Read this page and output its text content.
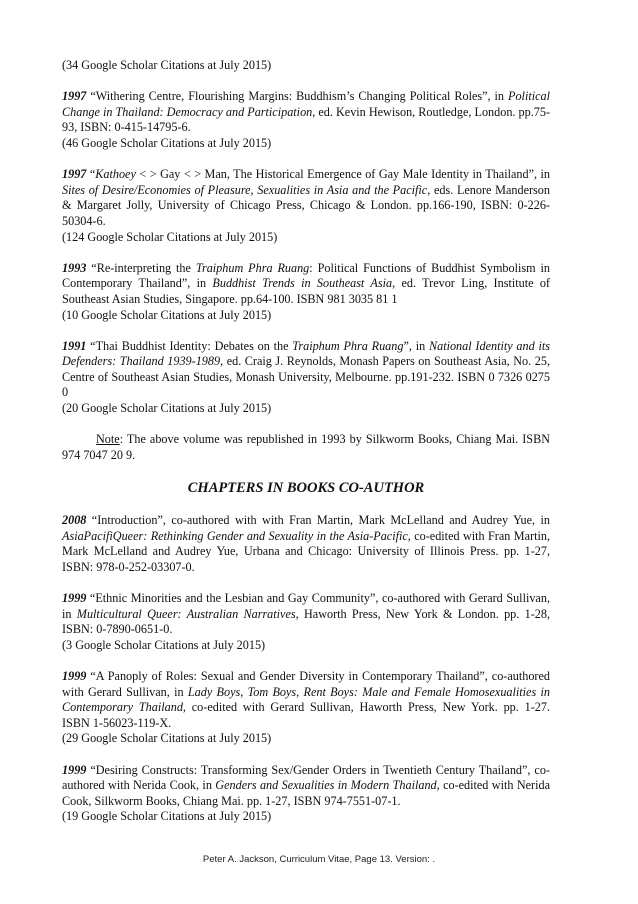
(34 Google Scholar Citations at July 2015)

1997 “Withering Centre, Flourishing Margins: Buddhism’s Changing Political Roles”, in Political Change in Thailand: Democracy and Participation, ed. Kevin Hewison, Routledge, London. pp.75-93, ISBN: 0-415-14795-6.

(46 Google Scholar Citations at July 2015)

1997 “Kathoey < > Gay < > Man, The Historical Emergence of Gay Male Identity in Thailand”, in Sites of Desire/Economies of Pleasure, Sexualities in Asia and the Pacific, eds. Lenore Manderson & Margaret Jolly, University of Chicago Press, Chicago & London. pp.166-190, ISBN: 0-226-50304-6.

(124 Google Scholar Citations at July 2015)

1993 “Re-interpreting the Traiphum Phra Ruang: Political Functions of Buddhist Symbolism in Contemporary Thailand”, in Buddhist Trends in Southeast Asia, ed. Trevor Ling, Institute of Southeast Asian Studies, Singapore. pp.64-100. ISBN 981 3035 81 1

(10 Google Scholar Citations at July 2015)

1991 “Thai Buddhist Identity: Debates on the Traiphum Phra Ruang”, in National Identity and its Defenders: Thailand 1939-1989, ed. Craig J. Reynolds, Monash Papers on Southeast Asia, No. 25, Centre of Southeast Asian Studies, Monash University, Melbourne. pp.191-232. ISBN 0 7326 0275 0

(20 Google Scholar Citations at July 2015)

Note: The above volume was republished in 1993 by Silkworm Books, Chiang Mai. ISBN 974 7047 20 9.

CHAPTERS IN BOOKS CO-AUTHOR

2008 “Introduction”, co-authored with with Fran Martin, Mark McLelland and Audrey Yue, in AsiaPacifiQueer: Rethinking Gender and Sexuality in the Asia-Pacific, co-edited with Fran Martin, Mark McLelland and Audrey Yue, Urbana and Chicago: University of Illinois Press. pp. 1-27, ISBN: 978-0-252-03307-0.

1999 “Ethnic Minorities and the Lesbian and Gay Community”, co-authored with Gerard Sullivan, in Multicultural Queer: Australian Narratives, Haworth Press, New York & London. pp. 1-28, ISBN: 0-7890-0651-0.

(3 Google Scholar Citations at July 2015)

1999 “A Panoply of Roles: Sexual and Gender Diversity in Contemporary Thailand”, co-authored with Gerard Sullivan, in Lady Boys, Tom Boys, Rent Boys: Male and Female Homosexualities in Contemporary Thailand, co-edited with Gerard Sullivan, Haworth Press, New York. pp. 1-27. ISBN 1-56023-119-X.

(29 Google Scholar Citations at July 2015)

1999 “Desiring Constructs: Transforming Sex/Gender Orders in Twentieth Century Thailand”, co-authored with Nerida Cook, in Genders and Sexualities in Modern Thailand, co-edited with Nerida Cook, Silkworm Books, Chiang Mai. pp. 1-27, ISBN 974-7551-07-1.

(19 Google Scholar Citations at July 2015)

Peter A. Jackson, Curriculum Vitae, Page 13. Version: .
